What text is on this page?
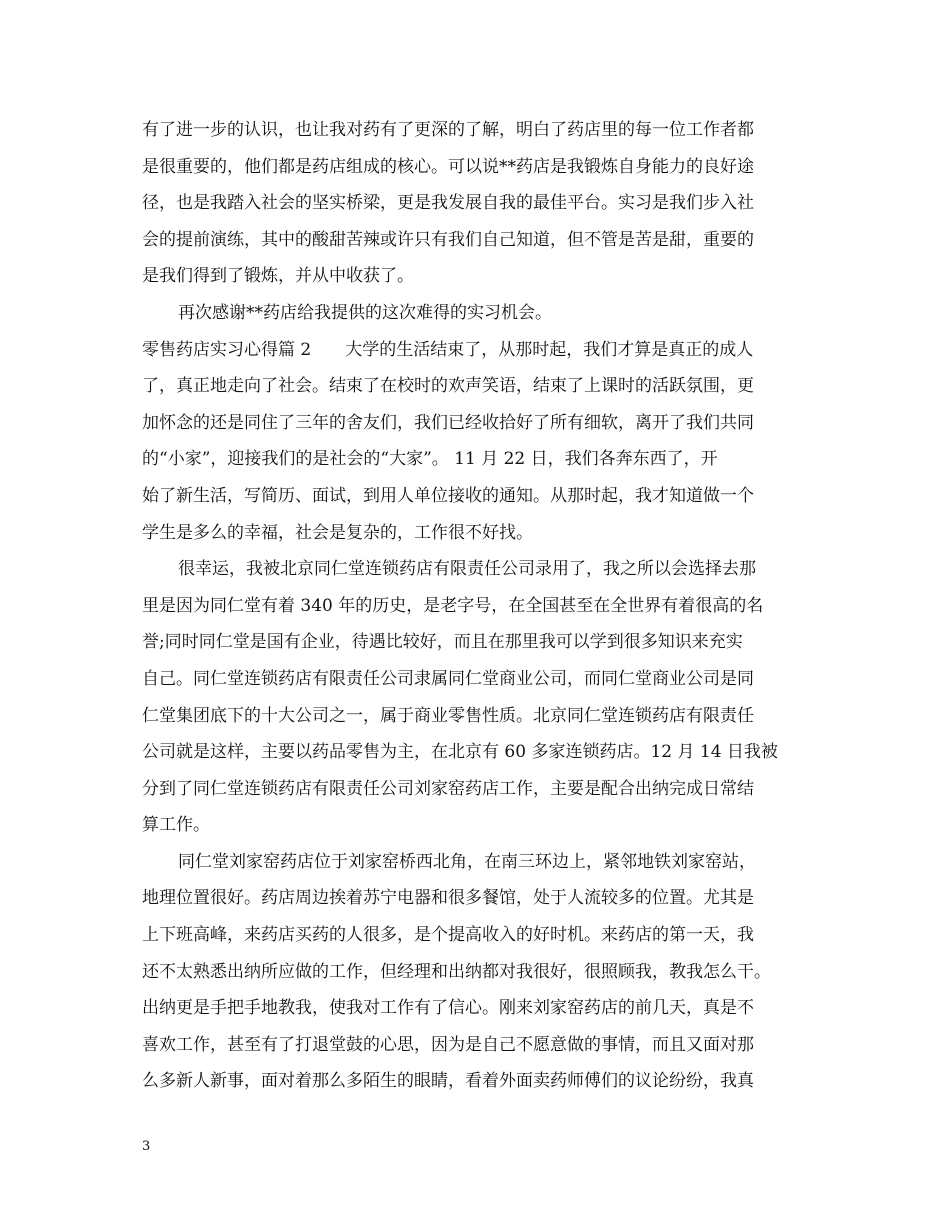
有了进一步的认识，也让我对药有了更深的了解，明白了药店里的每一位工作者都
是很重要的，他们都是药店组成的核心。可以说**药店是我锻炼自身能力的良好途
径，也是我踏入社会的坚实桥梁，更是我发展自我的最佳平台。实习是我们步入社
会的提前演练，其中的酸甜苦辣或许只有我们自己知道，但不管是苦是甜，重要的
是我们得到了锻炼，并从中收获了。
再次感谢**药店给我提供的这次难得的实习机会。
零售药店实习心得篇 2　　大学的生活结束了，从那时起，我们才算是真正的成人
了，真正地走向了社会。结束了在校时的欢声笑语，结束了上课时的活跃氛围，更
加怀念的还是同住了三年的舍友们，我们已经收拾好了所有细软，离开了我们共同
的“小家”，迎接我们的是社会的“大家”。 11 月 22 日，我们各奔东西了，开
始了新生活，写简历、面试，到用人单位接收的通知。从那时起，我才知道做一个
学生是多么的幸福，社会是复杂的，工作很不好找。
很幸运，我被北京同仁堂连锁药店有限责任公司录用了，我之所以会选择去那
里是因为同仁堂有着 340 年的历史，是老字号，在全国甚至在全世界有着很高的名
誉;同时同仁堂是国有企业，待遇比较好，而且在那里我可以学到很多知识来充实
自己。同仁堂连锁药店有限责任公司隶属同仁堂商业公司，而同仁堂商业公司是同
仁堂集团底下的十大公司之一，属于商业零售性质。北京同仁堂连锁药店有限责任
公司就是这样，主要以药品零售为主，在北京有 60 多家连锁药店。12 月 14 日我被
分到了同仁堂连锁药店有限责任公司刘家窑药店工作，主要是配合出纳完成日常结
算工作。
同仁堂刘家窑药店位于刘家窑桥西北角，在南三环边上，紧邻地铁刘家窑站，
地理位置很好。药店周边挨着苏宁电器和很多餐馆，处于人流较多的位置。尤其是
上下班高峰，来药店买药的人很多，是个提高收入的好时机。来药店的第一天，我
还不太熟悉出纳所应做的工作，但经理和出纳都对我很好，很照顾我，教我怎么干。
出纳更是手把手地教我，使我对工作有了信心。刚来刘家窑药店的前几天，真是不
喜欢工作，甚至有了打退堂鼓的心思，因为是自己不愿意做的事情，而且又面对那
么多新人新事，面对着那么多陌生的眼睛，看着外面卖药师傅们的议论纷纷，我真
3
